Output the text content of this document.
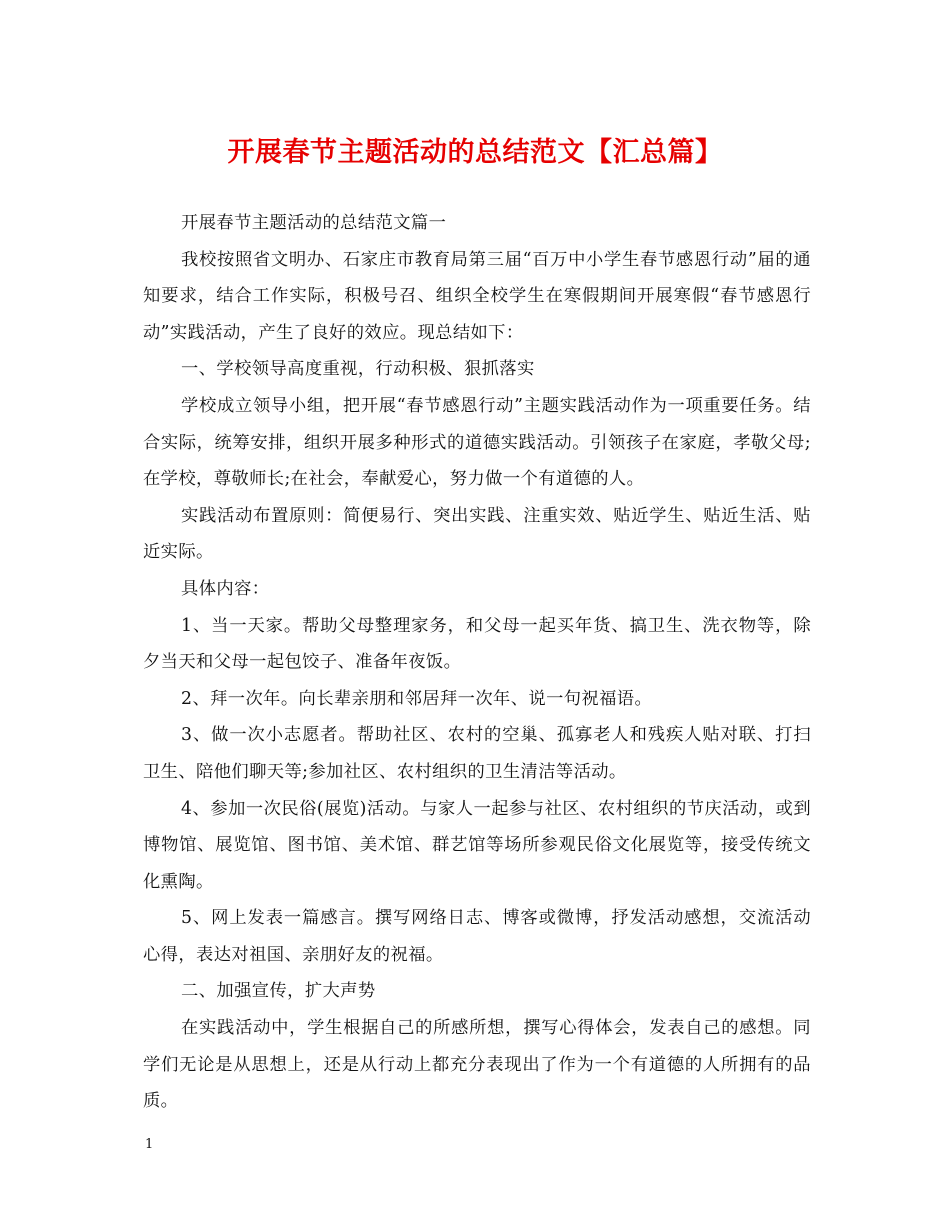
开展春节主题活动的总结范文【汇总篇】

开展春节主题活动的总结范文篇一

我校按照省文明办、石家庄市教育局第三届“百万中小学生春节感恩行动”届的通知要求，结合工作实际，积极号召、组织全校学生在寒假期间开展寒假“春节感恩行动”实践活动，产生了良好的效应。现总结如下：

一、学校领导高度重视，行动积极、狠抓落实

学校成立领导小组，把开展“春节感恩行动”主题实践活动作为一项重要任务。结合实际，统筹安排，组织开展多种形式的道德实践活动。引领孩子在家庭，孝敬父母;在学校，尊敬师长;在社会，奉献爱心，努力做一个有道德的人。

实践活动布置原则：简便易行、突出实践、注重实效、贴近学生、贴近生活、贴近实际。

具体内容：

1、当一天家。帮助父母整理家务，和父母一起买年货、搞卫生、洗衣物等，除夕当天和父母一起包饺子、准备年夜饭。

2、拜一次年。向长辈亲朋和邻居拜一次年、说一句祝福语。

3、做一次小志愿者。帮助社区、农村的空巢、孤寡老人和残疾人贴对联、打扫卫生、陪他们聊天等;参加社区、农村组织的卫生清洁等活动。

4、参加一次民俗(展览)活动。与家人一起参与社区、农村组织的节庆活动，或到博物馆、展览馆、图书馆、美术馆、群艺馆等场所参观民俗文化展览等，接受传统文化熏陶。

5、网上发表一篇感言。撰写网络日志、博客或微博，抒发活动感想，交流活动心得，表达对祖国、亲朋好友的祝福。

二、加强宣传，扩大声势

在实践活动中，学生根据自己的所感所想，撰写心得体会，发表自己的感想。同学们无论是从思想上，还是从行动上都充分表现出了作为一个有道德的人所拥有的品质。

1
